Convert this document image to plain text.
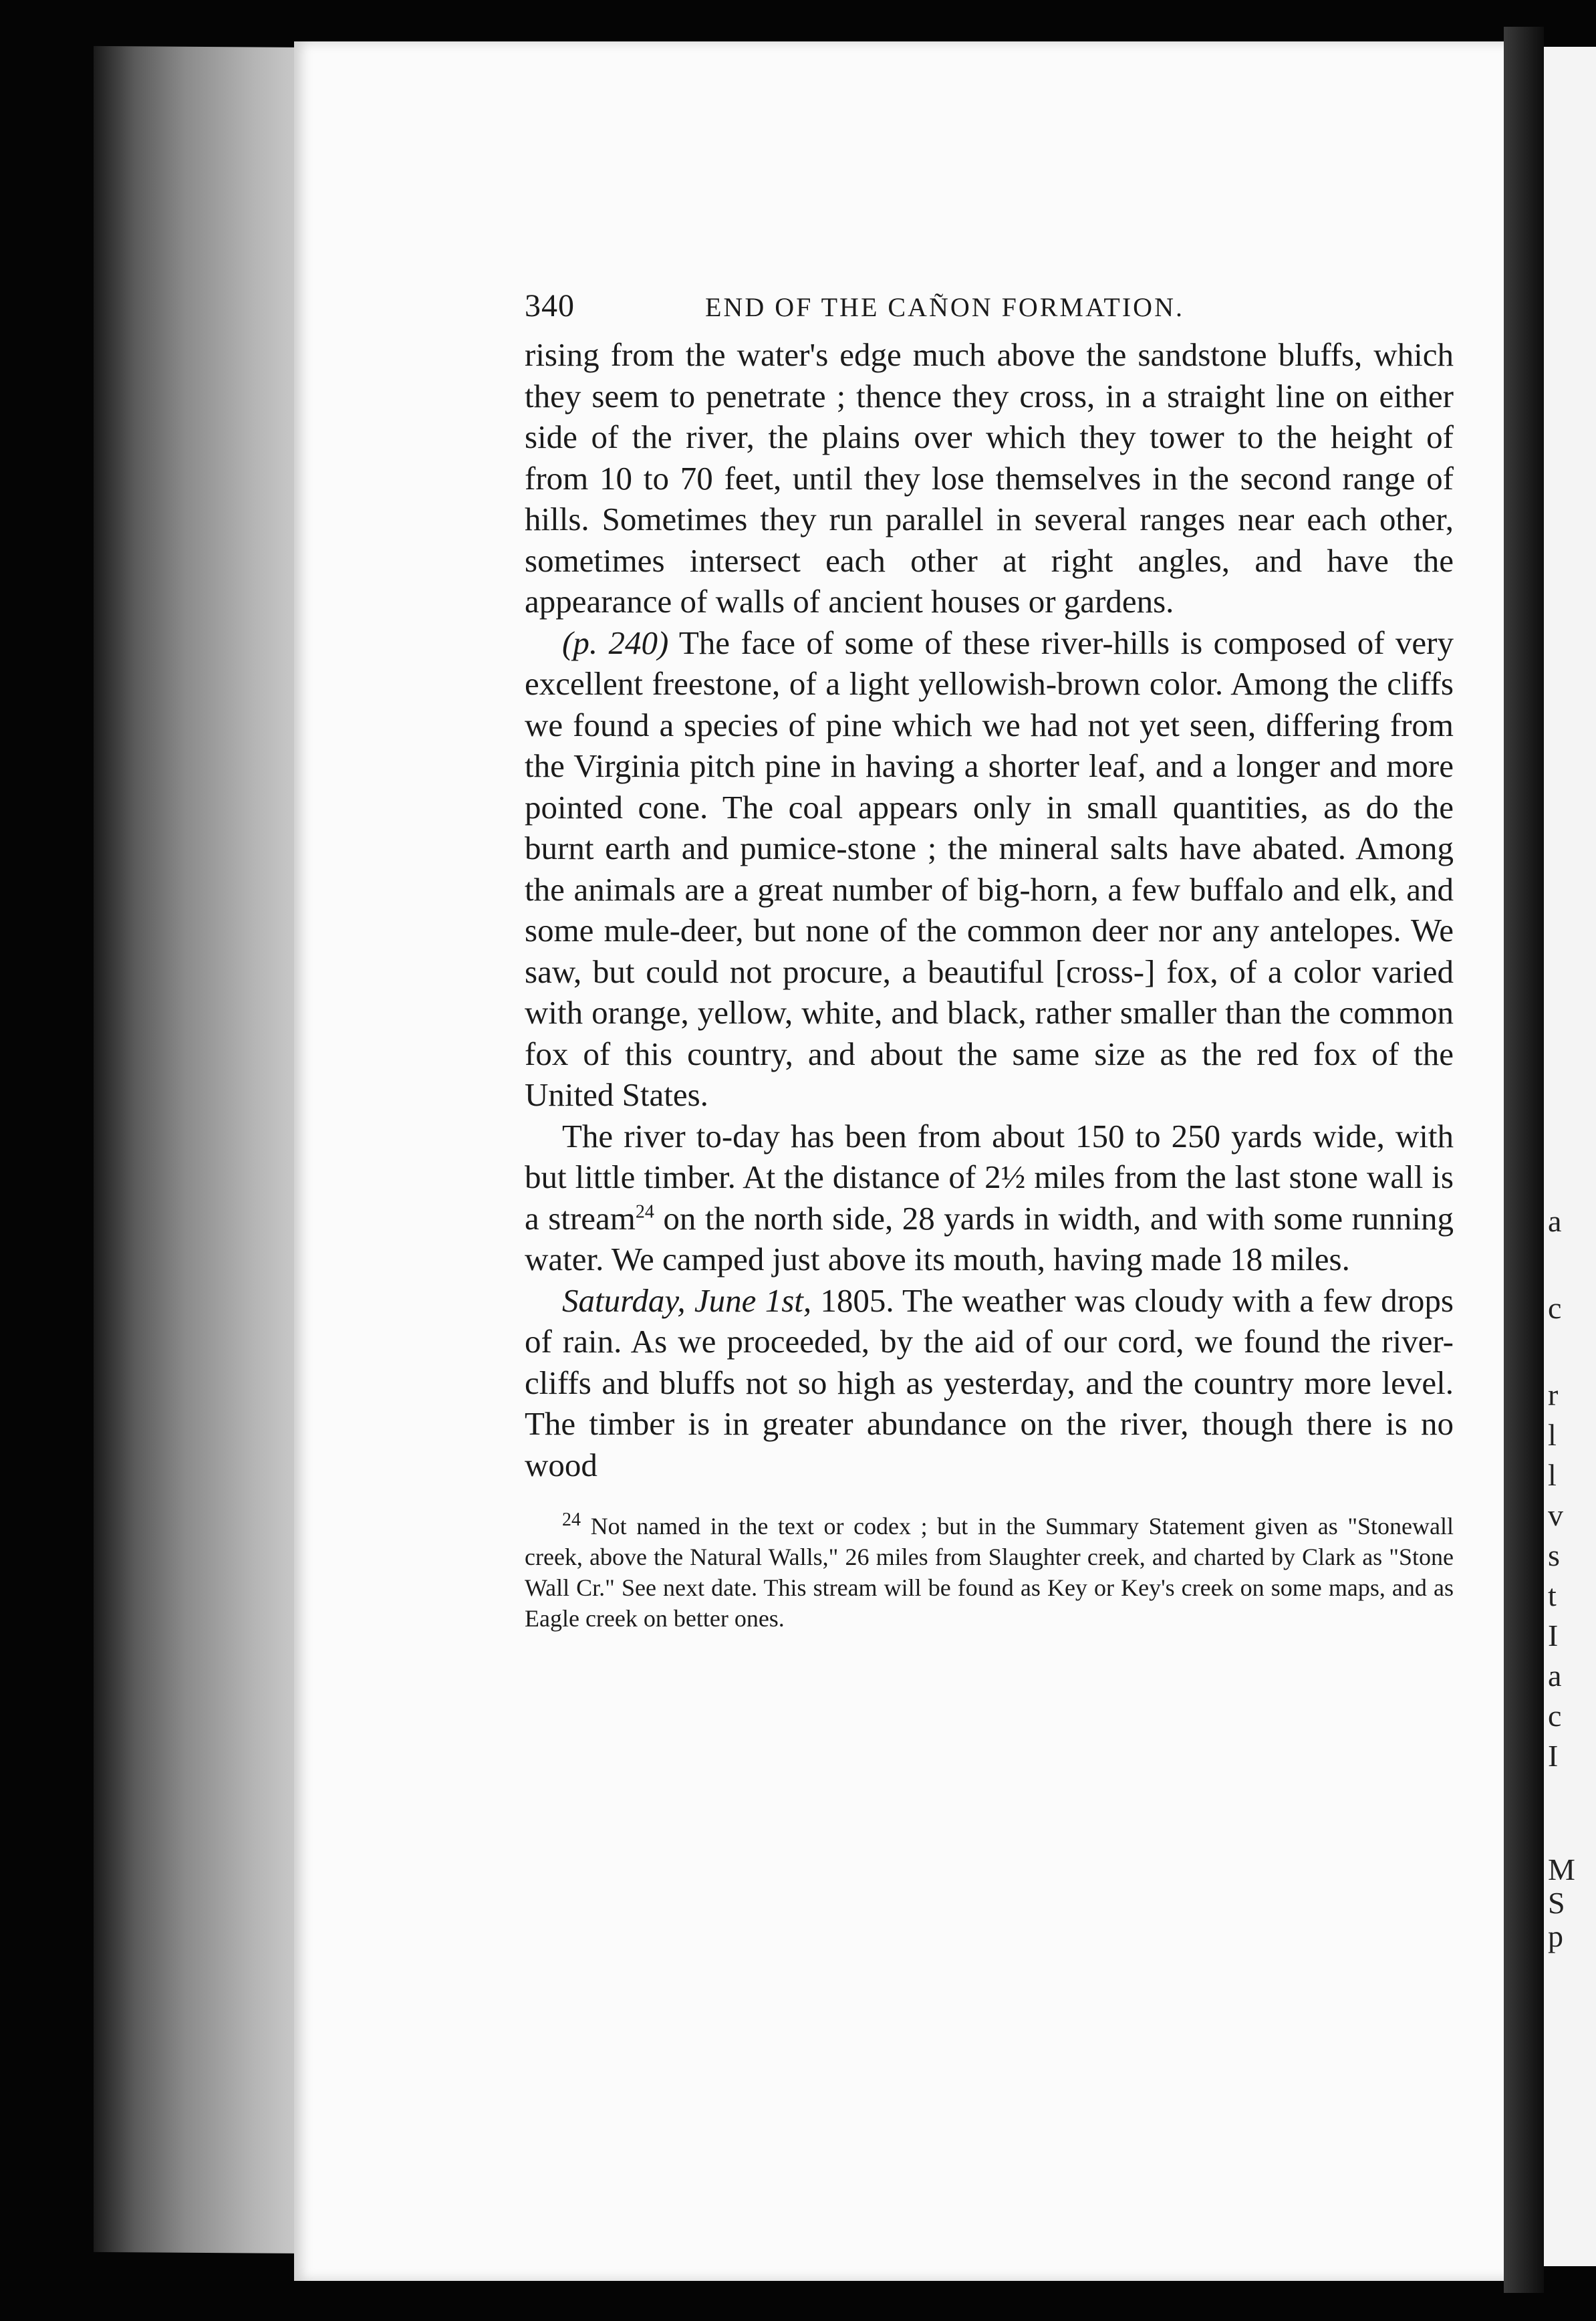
a
c
r
l
l
v
s
t
I
a
c
I
M
S
p
340	END OF THE CAÑON FORMATION.

rising from the water's edge much above the sandstone bluffs, which they seem to penetrate ; thence they cross, in a straight line on either side of the river, the plains over which they tower to the height of from 10 to 70 feet, until they lose themselves in the second range of hills. Sometimes they run parallel in several ranges near each other, sometimes intersect each other at right angles, and have the appearance of walls of ancient houses or gardens.

(p. 240) The face of some of these river-hills is composed of very excellent freestone, of a light yellowish-brown color. Among the cliffs we found a species of pine which we had not yet seen, differing from the Virginia pitch pine in having a shorter leaf, and a longer and more pointed cone. The coal appears only in small quantities, as do the burnt earth and pumice-stone ; the mineral salts have abated. Among the animals are a great number of big-horn, a few buffalo and elk, and some mule-deer, but none of the common deer nor any antelopes. We saw, but could not procure, a beautiful [cross-] fox, of a color varied with orange, yellow, white, and black, rather smaller than the common fox of this country, and about the same size as the red fox of the United States.

The river to-day has been from about 150 to 250 yards wide, with but little timber. At the distance of 2½ miles from the last stone wall is a stream$^{24}$ on the north side, 28 yards in width, and with some running water. We camped just above its mouth, having made 18 miles.

Saturday, June 1st, 1805. The weather was cloudy with a few drops of rain. As we proceeded, by the aid of our cord, we found the river-cliffs and bluffs not so high as yesterday, and the country more level. The timber is in greater abundance on the river, though there is no wood

$^{24}$ Not named in the text or codex ; but in the Summary Statement given as "Stonewall creek, above the Natural Walls," 26 miles from Slaughter creek, and charted by Clark as "Stone Wall Cr." See next date. This stream will be found as Key or Key's creek on some maps, and as Eagle creek on better ones.
